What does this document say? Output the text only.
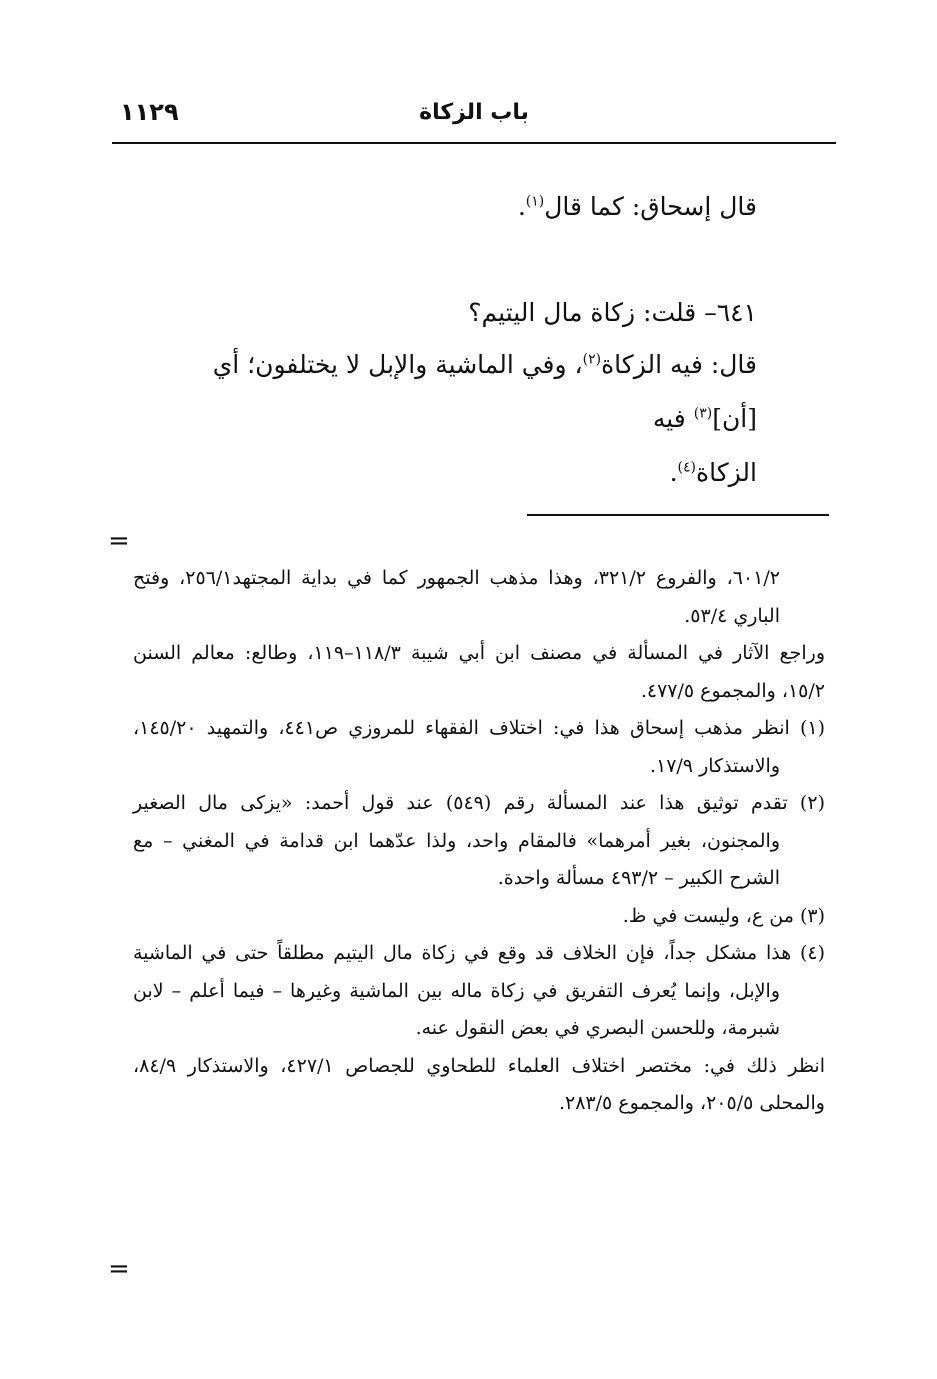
١١٢٩	باب الزكاة
قال إسحاق: كما قال$^{(١)}$.
٦٤١– قلت: زكاة مال اليتيم؟
قال: فيه الزكاة$^{(٢)}$، وفي الماشية والإبل لا يختلفون؛ أي [أن]$^{(٣)}$ فيه
الزكاة$^{(٤)}$.
=

٦٠١/٢، والفروع ٣٢١/٢، وهذا مذهب الجمهور كما في بداية المجتهد٢٥٦/١، وفتح الباري ٥٣/٤.

وراجع الآثار في المسألة في مصنف ابن أبي شيبة ١١٨/٣–١١٩، وطالع: معالم السنن ١٥/٢، والمجموع ٤٧٧/٥.

(١) انظر مذهب إسحاق هذا في: اختلاف الفقهاء للمروزي ص٤٤١، والتمهيد ١٤٥/٢٠، والاستذكار ١٧/٩.

(٢) تقدم توثيق هذا عند المسألة رقم (٥٤٩) عند قول أحمد: «يزكى مال الصغير والمجنون، بغير أمرهما» فالمقام واحد، ولذا عدّهما ابن قدامة في المغني – مع الشرح الكبير – ٤٩٣/٢ مسألة واحدة.

(٣) من ع، وليست في ظ.

(٤) هذا مشكل جداً، فإن الخلاف قد وقع في زكاة مال اليتيم مطلقاً حتى في الماشية والإبل، وإنما يُعرف التفريق في زكاة ماله بين الماشية وغيرها – فيما أعلم – لابن شبرمة، وللحسن البصري في بعض النقول عنه.

انظر ذلك في: مختصر اختلاف العلماء للطحاوي للجصاص ٤٢٧/١، والاستذكار ٨٤/٩، والمحلى ٢٠٥/٥، والمجموع ٢٨٣/٥.

=
